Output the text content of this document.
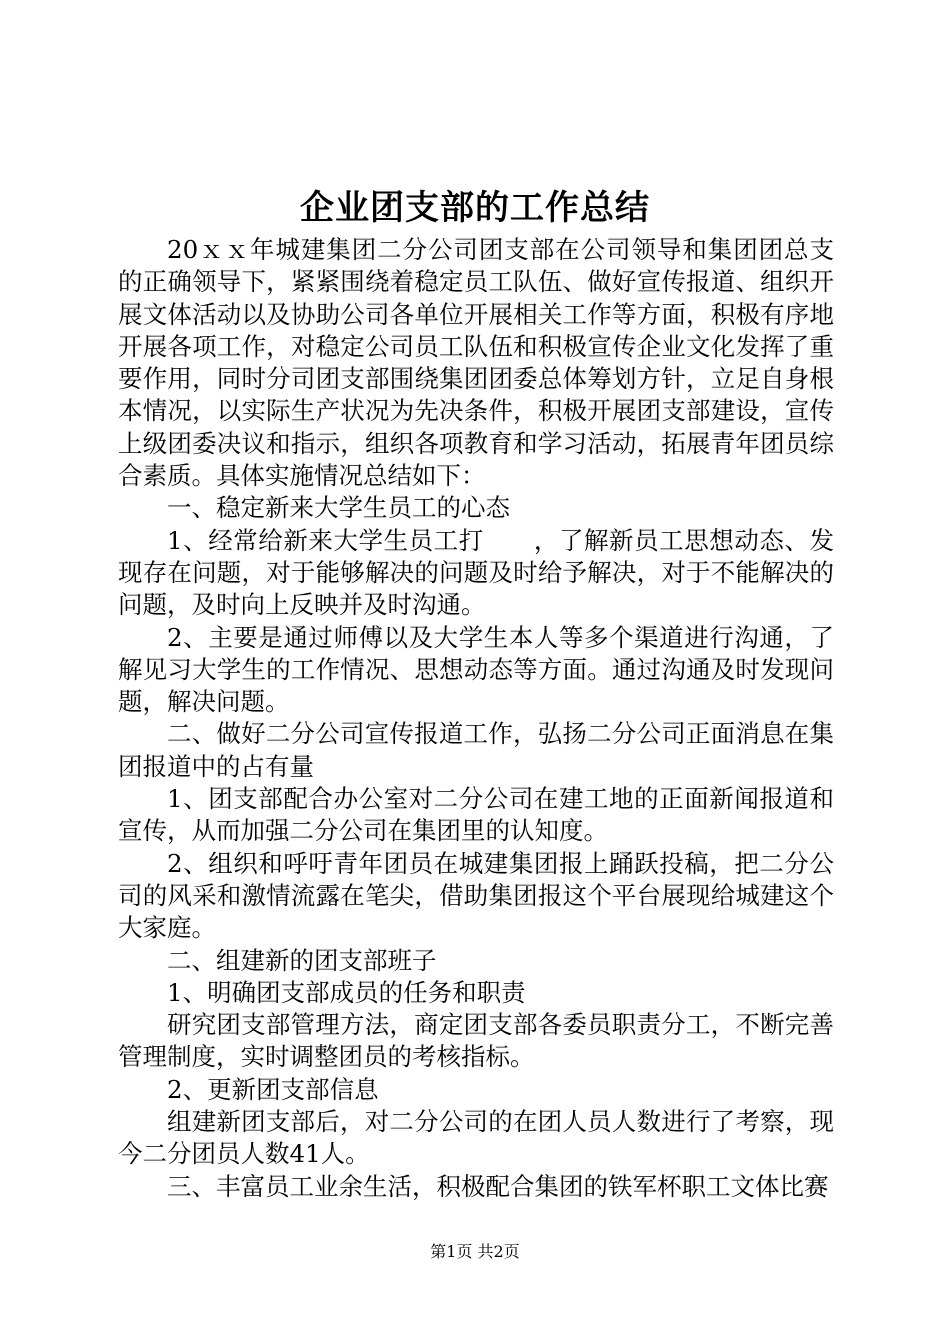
企业团支部的工作总结

20ｘｘ年城建集团二分公司团支部在公司领导和集团团总支的正确领导下，紧紧围绕着稳定员工队伍、做好宣传报道、组织开展文体活动以及协助公司各单位开展相关工作等方面，积极有序地开展各项工作，对稳定公司员工队伍和积极宣传企业文化发挥了重要作用，同时分司团支部围绕集团团委总体筹划方针，立足自身根本情况，以实际生产状况为先决条件，积极开展团支部建设，宣传上级团委决议和指示，组织各项教育和学习活动，拓展青年团员综合素质。具体实施情况总结如下：

一、稳定新来大学生员工的心态

1、经常给新来大学生员工打　　，了解新员工思想动态、发现存在问题，对于能够解决的问题及时给予解决，对于不能解决的问题，及时向上反映并及时沟通。

2、主要是通过师傅以及大学生本人等多个渠道进行沟通，了解见习大学生的工作情况、思想动态等方面。通过沟通及时发现问题，解决问题。

二、做好二分公司宣传报道工作，弘扬二分公司正面消息在集团报道中的占有量

1、团支部配合办公室对二分公司在建工地的正面新闻报道和宣传，从而加强二分公司在集团里的认知度。

2、组织和呼吁青年团员在城建集团报上踊跃投稿，把二分公司的风采和激情流露在笔尖，借助集团报这个平台展现给城建这个大家庭。

二、组建新的团支部班子

1、明确团支部成员的任务和职责

研究团支部管理方法，商定团支部各委员职责分工，不断完善管理制度，实时调整团员的考核指标。

2、更新团支部信息

组建新团支部后，对二分公司的在团人员人数进行了考察，现今二分团员人数41人。

三、丰富员工业余生活，积极配合集团的铁军杯职工文体比赛

第1页 共2页
